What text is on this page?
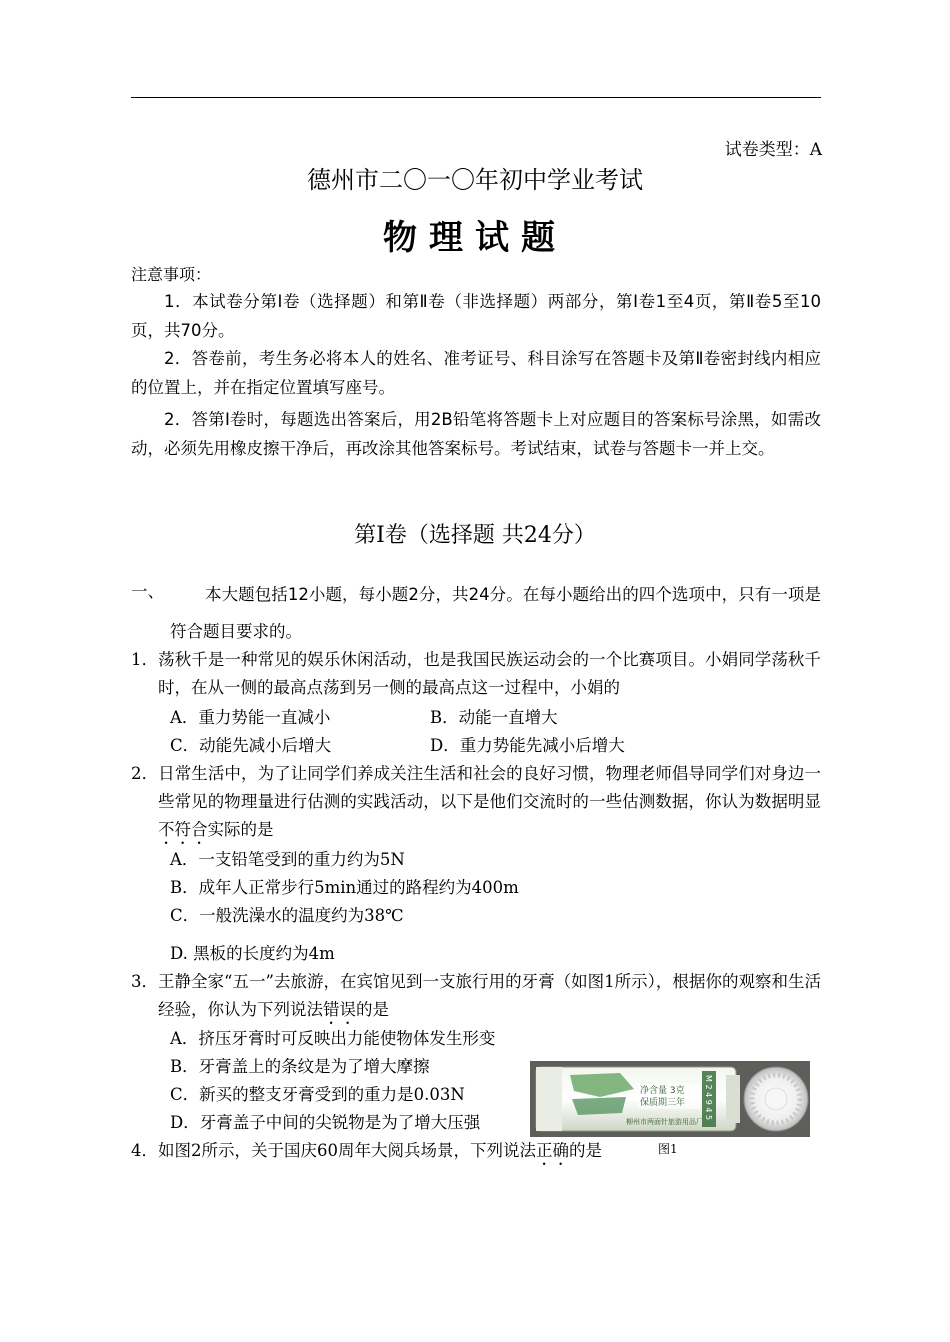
试卷类型：A
德州市二〇一〇年初中学业考试
物理试题
注意事项：
1．本试卷分第Ⅰ卷（选择题）和第Ⅱ卷（非选择题）两部分，第Ⅰ卷1至4页，第Ⅱ卷5至10页，共70分。
2．答卷前，考生务必将本人的姓名、准考证号、科目涂写在答题卡及第Ⅱ卷密封线内相应的位置上，并在指定位置填写座号。
2．答第Ⅰ卷时，每题选出答案后，用2B铅笔将答题卡上对应题目的答案标号涂黑，如需改动，必须先用橡皮擦干净后，再改涂其他答案标号。考试结束，试卷与答题卡一并上交。
第Ⅰ卷（选择题 共24分）
一、	本大题包括12小题，每小题2分，共24分。在每小题给出的四个选项中，只有一项是符合题目要求的。
1．荡秋千是一种常见的娱乐休闲活动，也是我国民族运动会的一个比赛项目。小娟同学荡秋千时，在从一侧的最高点荡到另一侧的最高点这一过程中，小娟的
A．重力势能一直减小	B．动能一直增大
C．动能先减小后增大	D．重力势能先减小后增大
2．日常生活中，为了让同学们养成关注生活和社会的良好习惯，物理老师倡导同学们对身边一些常见的物理量进行估测的实践活动，以下是他们交流时的一些估测数据，你认为数据明显不符合实际的是
A．一支铅笔受到的重力约为5N
B．成年人正常步行5min通过的路程约为400m
C．一般洗澡水的温度约为38℃
D. 黑板的长度约为4m
3．王静全家“五一”去旅游，在宾馆见到一支旅行用的牙膏（如图1所示），根据你的观察和生活经验，你认为下列说法错误的是
A．挤压牙膏时可反映出力能使物体发生形变
B．牙膏盖上的条纹是为了增大摩擦
C．新买的整支牙膏受到的重力是0.03N
D．牙膏盖子中间的尖锐物是为了增大压强
净含量 3克
保质期三年
柳州市两面针旅游用品厂
M 2 4 9 4 5
4．如图2所示，关于国庆60周年大阅兵场景，下列说法正确的是	图1
